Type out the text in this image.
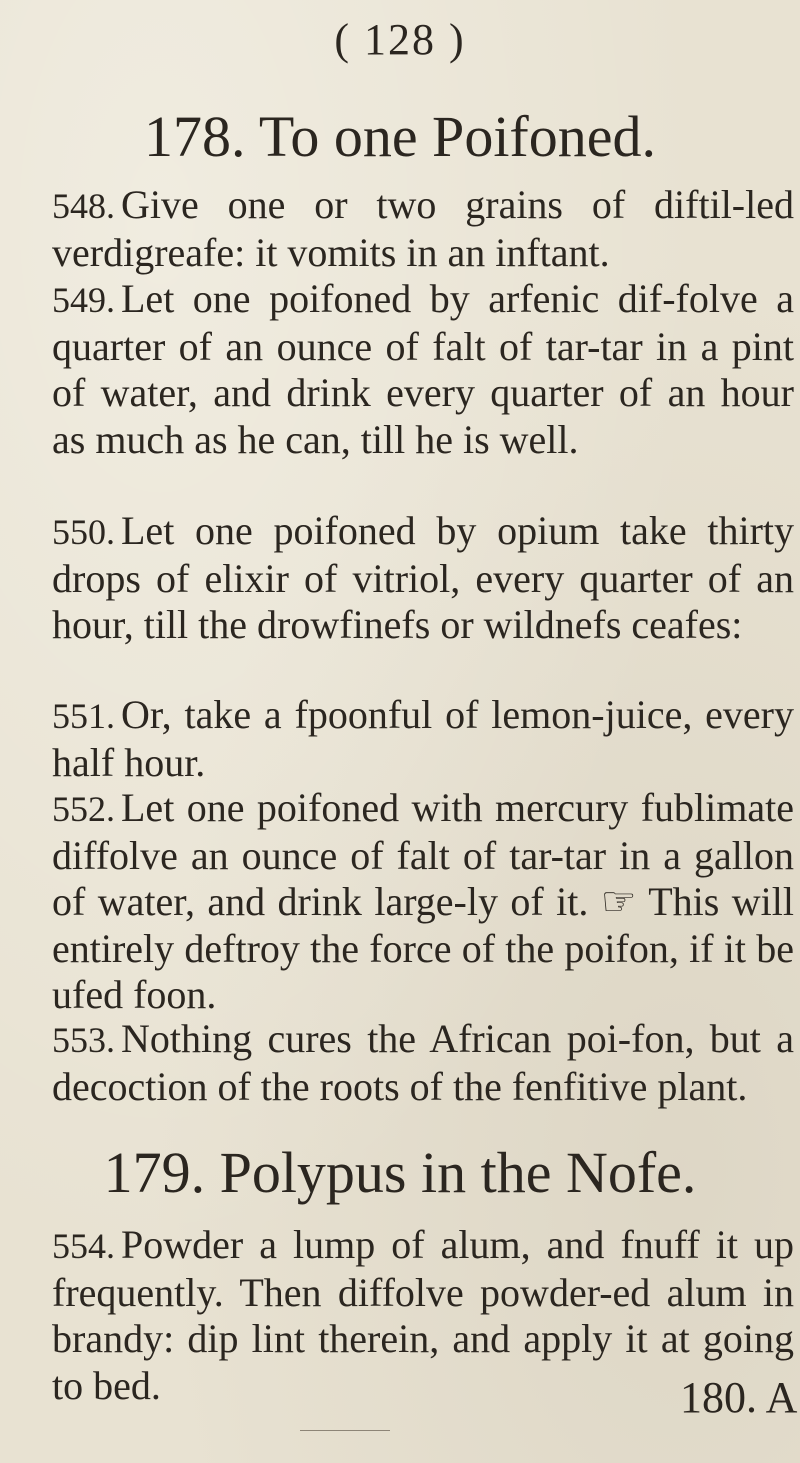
( 128 )
178. To one Poifoned.

548. Give one or two grains of diftil-led verdigreafe: it vomits in an inftant.

549. Let one poifoned by arfenic dif-folve a quarter of an ounce of falt of tar-tar in a pint of water, and drink every quarter of an hour as much as he can, till he is well.

550. Let one poifoned by opium take thirty drops of elixir of vitriol, every quarter of an hour, till the drowfinefs or wildnefs ceafes:

551. Or, take a fpoonful of lemon-juice, every half hour.

552. Let one poifoned with mercury fublimate diffolve an ounce of falt of tar-tar in a gallon of water, and drink large-ly of it. ☞ This will entirely deftroy the force of the poifon, if it be ufed foon.

553. Nothing cures the African poi-fon, but a decoction of the roots of the fenfitive plant.

179. Polypus in the Nofe.

554. Powder a lump of alum, and fnuff it up frequently. Then diffolve powder-ed alum in brandy: dip lint therein, and apply it at going to bed.	180. A
